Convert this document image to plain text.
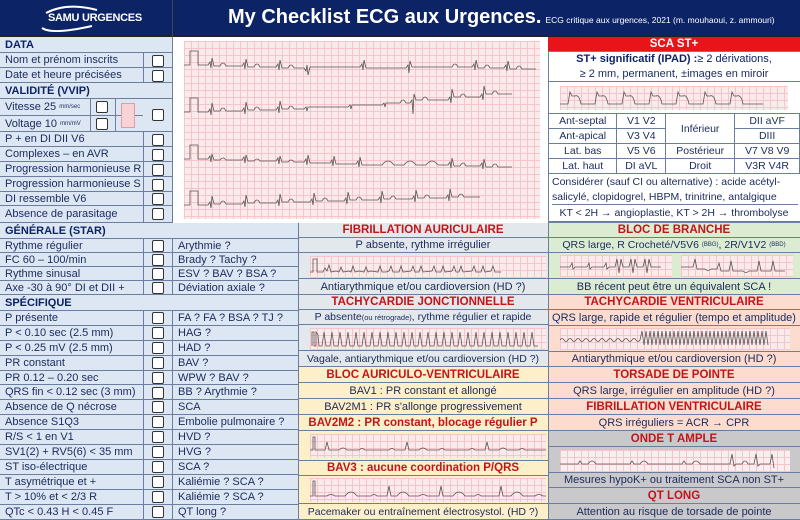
SAMU URGENCES	My Checklist ECG aux Urgences. ECG critique aux urgences, 2021 (m. mouhaoui, z. ammouri)
DATA
Nom et prénom inscrits
Date et heure précisées
VALIDITÉ (VVIP)
Vitesse 25
mm/sec
Voltage 10
mm/mV
P + en DI DII V6
Complexes – en AVR
Progression harmonieuse R
Progression harmonieuse S
DI ressemble V6
Absence de parasitage
SCA ST+
ST+ significatif (IPAD) : ≥ 2 dérivations,
≥ 2 mm, permanent, ±images en miroir
Ant-septal	V1 V2	Inférieur	DII aVF
Ant-apical	V3 V4		DIII
Lat. bas	V5 V6	Postérieur	V7 V8 V9
Lat. haut	DI aVL	Droit	V3R V4R
Considérer (sauf CI ou alternative) : acide acétyl-
salicylé, clopidogrel, HBPM, trinitrine, antalgique
KT < 2H → angioplastie, KT > 2H → thrombolyse
GÉNÉRALE (STAR)
Rythme régulier	Arythmie ?
FC 60 – 100/min	Brady ? Tachy ?
Rythme sinusal	ESV ? BAV ? BSA ?
Axe -30 à 90° DI et DII +	Déviation axiale ?
SPÉCIFIQUE
P présente	FA ? FA ? BSA ? TJ ?
P < 0.10 sec (2.5 mm)	HAG ?
P < 0.25 mV (2.5 mm)	HAD ?
PR constant	BAV ?
PR 0.12 – 0.20 sec	WPW ? BAV ?
QRS fin < 0.12 sec (3 mm)	BB ? Arythmie ?
Absence de Q nécrose	SCA
Absence S1Q3	Embolie pulmonaire ?
R/S < 1 en V1	HVD ?
SV1(2) + RV5(6) < 35 mm	HVG ?
ST iso-électrique	SCA ?
T asymétrique et +	Kaliémie ? SCA ?
T > 10% et < 2/3 R	Kaliémie ? SCA ?
QTc < 0.43 H < 0.45 F	QT long ?
FIBRILLATION AURICULAIRE
P absente, rythme irrégulier
Antiarythmique et/ou cardioversion (HD ?)
TACHYCARDIE JONCTIONNELLE
P absente (ou rétrograde) , rythme régulier et rapide
Vagale, antiarythmique et/ou cardioversion (HD ?)
BLOC AURICULO-VENTRICULAIRE
BAV1 : PR constant et allongé
BAV2M1 : PR s'allonge progressivement
BAV2M2 : PR constant, blocage régulier P
BAV3 : aucune coordination P/QRS
Pacemaker ou entraînement électrosystol. (HD ?)
BLOC DE BRANCHE
QRS large, R Crocheté/V5V6 (BBG) , 2R/V1V2 (BBD)
BB récent peut être un équivalent SCA !
TACHYCARDIE VENTRICULAIRE
QRS large, rapide et régulier (tempo et amplitude)
Antiarythmique et/ou cardioversion (HD ?)
TORSADE DE POINTE
QRS large, irrégulier en amplitude (HD ?)
FIBRILLATION VENTRICULAIRE
QRS irréguliers = ACR → CPR
ONDE T AMPLE
Mesures hypoK+ ou traitement SCA non ST+
QT LONG
Attention au risque de torsade de pointe
